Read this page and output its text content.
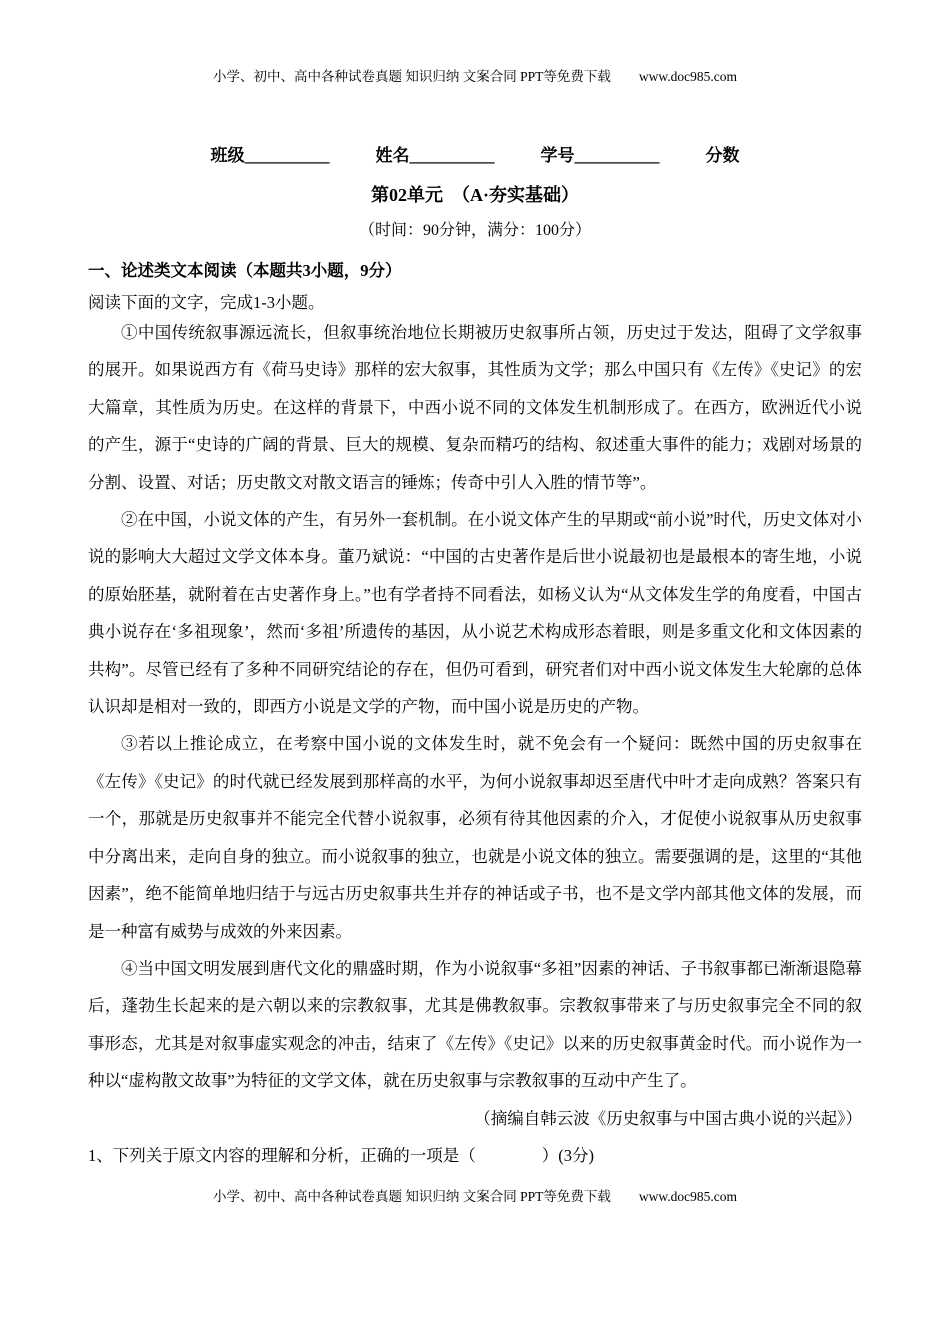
小学、初中、高中各种试卷真题 知识归纳 文案合同 PPT等免费下载 www.doc985.com
班级__________	姓名__________	学号__________	分数
第02单元　（A·夯实基础）
（时间：90分钟，满分：100分）
一、论述类文本阅读（本题共3小题，9分）
阅读下面的文字，完成1-3小题。

①中国传统叙事源远流长，但叙事统治地位长期被历史叙事所占领，历史过于发达，阻碍了文学叙事的展开。如果说西方有《荷马史诗》那样的宏大叙事，其性质为文学；那么中国只有《左传》《史记》的宏大篇章，其性质为历史。在这样的背景下，中西小说不同的文体发生机制形成了。在西方，欧洲近代小说的产生，源于“史诗的广阔的背景、巨大的规模、复杂而精巧的结构、叙述重大事件的能力；戏剧对场景的分割、设置、对话；历史散文对散文语言的锤炼；传奇中引人入胜的情节等”。

②在中国，小说文体的产生，有另外一套机制。在小说文体产生的早期或“前小说”时代，历史文体对小说的影响大大超过文学文体本身。董乃斌说：“中国的古史著作是后世小说最初也是最根本的寄生地，小说的原始胚基，就附着在古史著作身上。”也有学者持不同看法，如杨义认为“从文体发生学的角度看，中国古典小说存在‘多祖现象’，然而‘多祖’所遗传的基因，从小说艺术构成形态着眼，则是多重文化和文体因素的共构”。尽管已经有了多种不同研究结论的存在，但仍可看到，研究者们对中西小说文体发生大轮廓的总体认识却是相对一致的，即西方小说是文学的产物，而中国小说是历史的产物。

③若以上推论成立，在考察中国小说的文体发生时，就不免会有一个疑问：既然中国的历史叙事在《左传》《史记》的时代就已经发展到那样高的水平，为何小说叙事却迟至唐代中叶才走向成熟？答案只有一个，那就是历史叙事并不能完全代替小说叙事，必须有待其他因素的介入，才促使小说叙事从历史叙事中分离出来，走向自身的独立。而小说叙事的独立，也就是小说文体的独立。需要强调的是，这里的“其他因素”，绝不能简单地归结于与远古历史叙事共生并存的神话或子书，也不是文学内部其他文体的发展，而是一种富有威势与成效的外来因素。

④当中国文明发展到唐代文化的鼎盛时期，作为小说叙事“多祖”因素的神话、子书叙事都已渐渐退隐幕后，蓬勃生长起来的是六朝以来的宗教叙事，尤其是佛教叙事。宗教叙事带来了与历史叙事完全不同的叙事形态，尤其是对叙事虚实观念的冲击，结束了《左传》《史记》以来的历史叙事黄金时代。而小说作为一种以“虚构散文故事”为特征的文学文体，就在历史叙事与宗教叙事的互动中产生了。

（摘编自韩云波《历史叙事与中国古典小说的兴起》）

1、下列关于原文内容的理解和分析，正确的一项是（　　　　）(3分)

小学、初中、高中各种试卷真题 知识归纳 文案合同 PPT等免费下载 www.doc985.com
